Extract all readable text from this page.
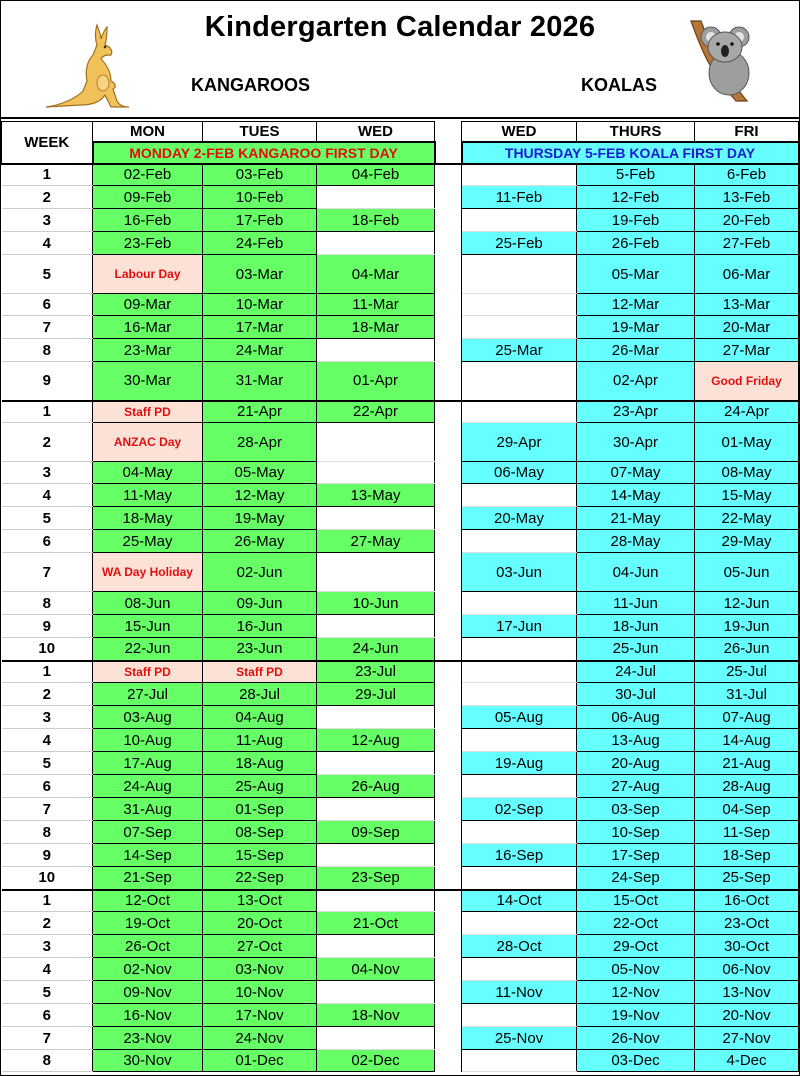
Kindergarten Calendar 2026
KANGAROOS	KOALAS
WEEK	MON	TUES	WED		WED	THURS	FRI
	MONDAY 2-FEB KANGAROO FIRST DAY				THURSDAY 5-FEB KOALA FIRST DAY		
1	02-Feb	03-Feb	04-Feb			5-Feb	6-Feb
2	09-Feb	10-Feb			11-Feb	12-Feb	13-Feb
3	16-Feb	17-Feb	18-Feb			19-Feb	20-Feb
4	23-Feb	24-Feb			25-Feb	26-Feb	27-Feb
5	Labour Day	03-Mar	04-Mar			05-Mar	06-Mar
6	09-Mar	10-Mar	11-Mar			12-Mar	13-Mar
7	16-Mar	17-Mar	18-Mar			19-Mar	20-Mar
8	23-Mar	24-Mar			25-Mar	26-Mar	27-Mar
9	30-Mar	31-Mar	01-Apr			02-Apr	Good Friday
1	Staff PD	21-Apr	22-Apr			23-Apr	24-Apr
2	ANZAC Day	28-Apr			29-Apr	30-Apr	01-May
3	04-May	05-May			06-May	07-May	08-May
4	11-May	12-May	13-May			14-May	15-May
5	18-May	19-May			20-May	21-May	22-May
6	25-May	26-May	27-May			28-May	29-May
7	WA Day Holiday	02-Jun			03-Jun	04-Jun	05-Jun
8	08-Jun	09-Jun	10-Jun			11-Jun	12-Jun
9	15-Jun	16-Jun			17-Jun	18-Jun	19-Jun
10	22-Jun	23-Jun	24-Jun			25-Jun	26-Jun
1	Staff PD	Staff PD	23-Jul			24-Jul	25-Jul
2	27-Jul	28-Jul	29-Jul			30-Jul	31-Jul
3	03-Aug	04-Aug			05-Aug	06-Aug	07-Aug
4	10-Aug	11-Aug	12-Aug			13-Aug	14-Aug
5	17-Aug	18-Aug			19-Aug	20-Aug	21-Aug
6	24-Aug	25-Aug	26-Aug			27-Aug	28-Aug
7	31-Aug	01-Sep			02-Sep	03-Sep	04-Sep
8	07-Sep	08-Sep	09-Sep			10-Sep	11-Sep
9	14-Sep	15-Sep			16-Sep	17-Sep	18-Sep
10	21-Sep	22-Sep	23-Sep			24-Sep	25-Sep
1	12-Oct	13-Oct			14-Oct	15-Oct	16-Oct
2	19-Oct	20-Oct	21-Oct			22-Oct	23-Oct
3	26-Oct	27-Oct			28-Oct	29-Oct	30-Oct
4	02-Nov	03-Nov	04-Nov			05-Nov	06-Nov
5	09-Nov	10-Nov			11-Nov	12-Nov	13-Nov
6	16-Nov	17-Nov	18-Nov			19-Nov	20-Nov
7	23-Nov	24-Nov			25-Nov	26-Nov	27-Nov
8	30-Nov	01-Dec	02-Dec			03-Dec	4-Dec
